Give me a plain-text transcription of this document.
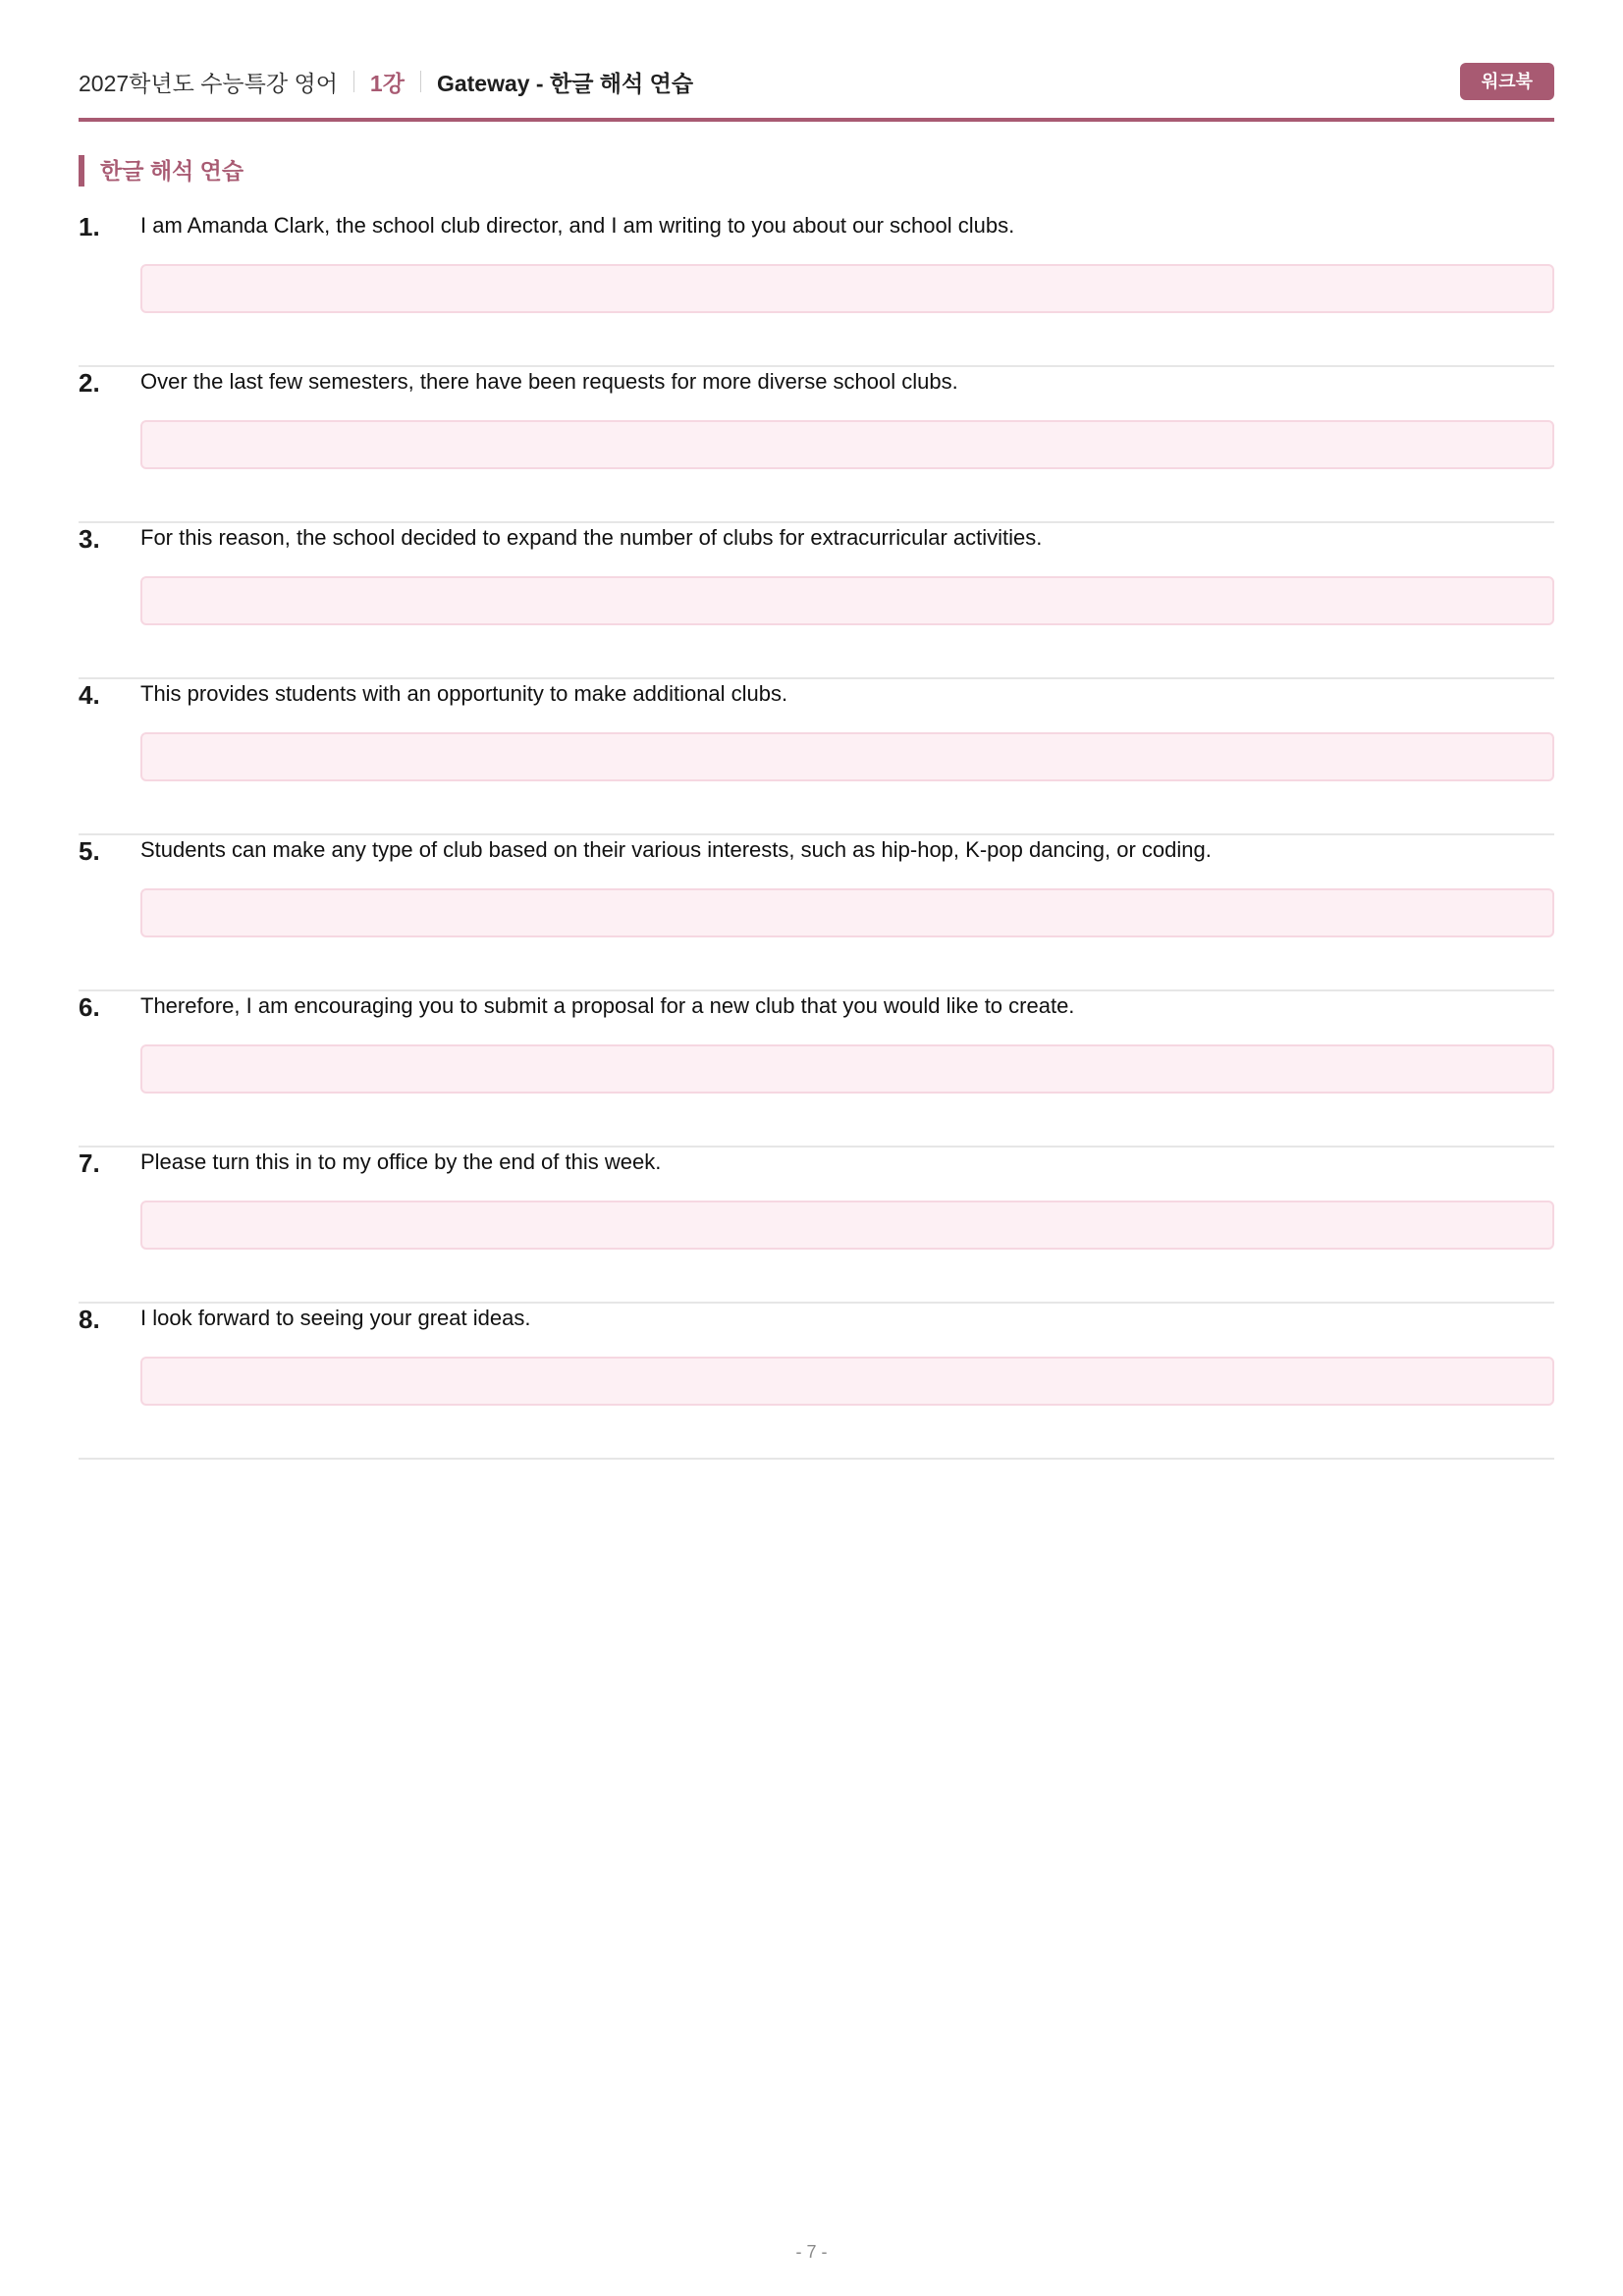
2027학년도 수능특강 영어 1강 Gateway - 한글 해석 연습	워크북
한글 해석 연습
1. I am Amanda Clark, the school club director, and I am writing to you about our school clubs.
2. Over the last few semesters, there have been requests for more diverse school clubs.
3. For this reason, the school decided to expand the number of clubs for extracurricular activities.
4. This provides students with an opportunity to make additional clubs.
5. Students can make any type of club based on their various interests, such as hip-hop, K-pop dancing, or coding.
6. Therefore, I am encouraging you to submit a proposal for a new club that you would like to create.
7. Please turn this in to my office by the end of this week.
8. I look forward to seeing your great ideas.
- 7 -
